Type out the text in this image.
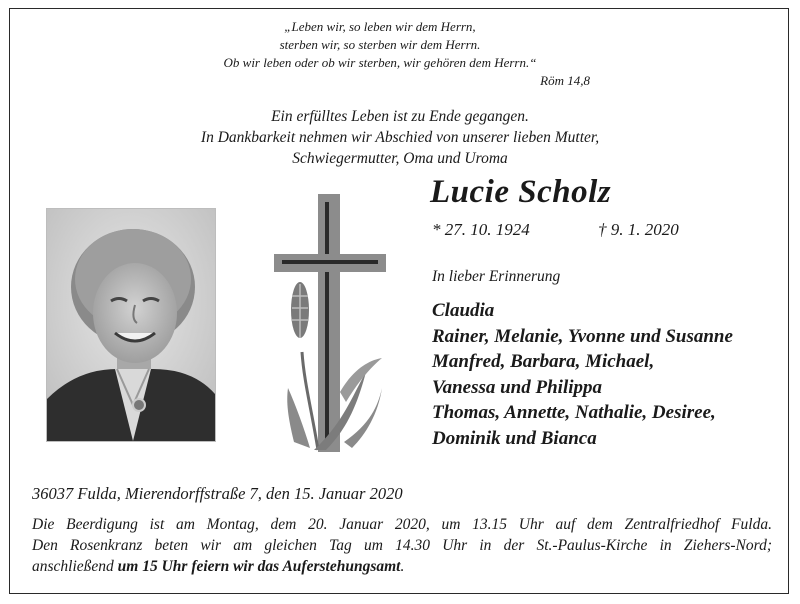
„Leben wir, so leben wir dem Herrn,
sterben wir, so sterben wir dem Herrn.
Ob wir leben oder ob wir sterben, wir gehören dem Herrn.“
Röm 14,8
Ein erfülltes Leben ist zu Ende gegangen.
In Dankbarkeit nehmen wir Abschied von unserer lieben Mutter,
Schwiegermutter, Oma und Uroma
Lucie Scholz
* 27. 10. 1924	† 9. 1. 2020
In lieber Erinnerung
Claudia
Rainer, Melanie, Yvonne und Susanne
Manfred, Barbara, Michael,
Vanessa und Philippa
Thomas, Annette, Nathalie, Desiree,
Dominik und Bianca
36037 Fulda, Mierendorffstraße 7, den 15. Januar 2020
Die Beerdigung ist am Montag, dem 20. Januar 2020, um 13.15 Uhr auf dem Zentralfriedhof Fulda.
Den Rosenkranz beten wir am gleichen Tag um 14.30 Uhr in der St.-Paulus-Kirche in Ziehers-Nord;
anschließend um 15 Uhr feiern wir das Auferstehungsamt.
